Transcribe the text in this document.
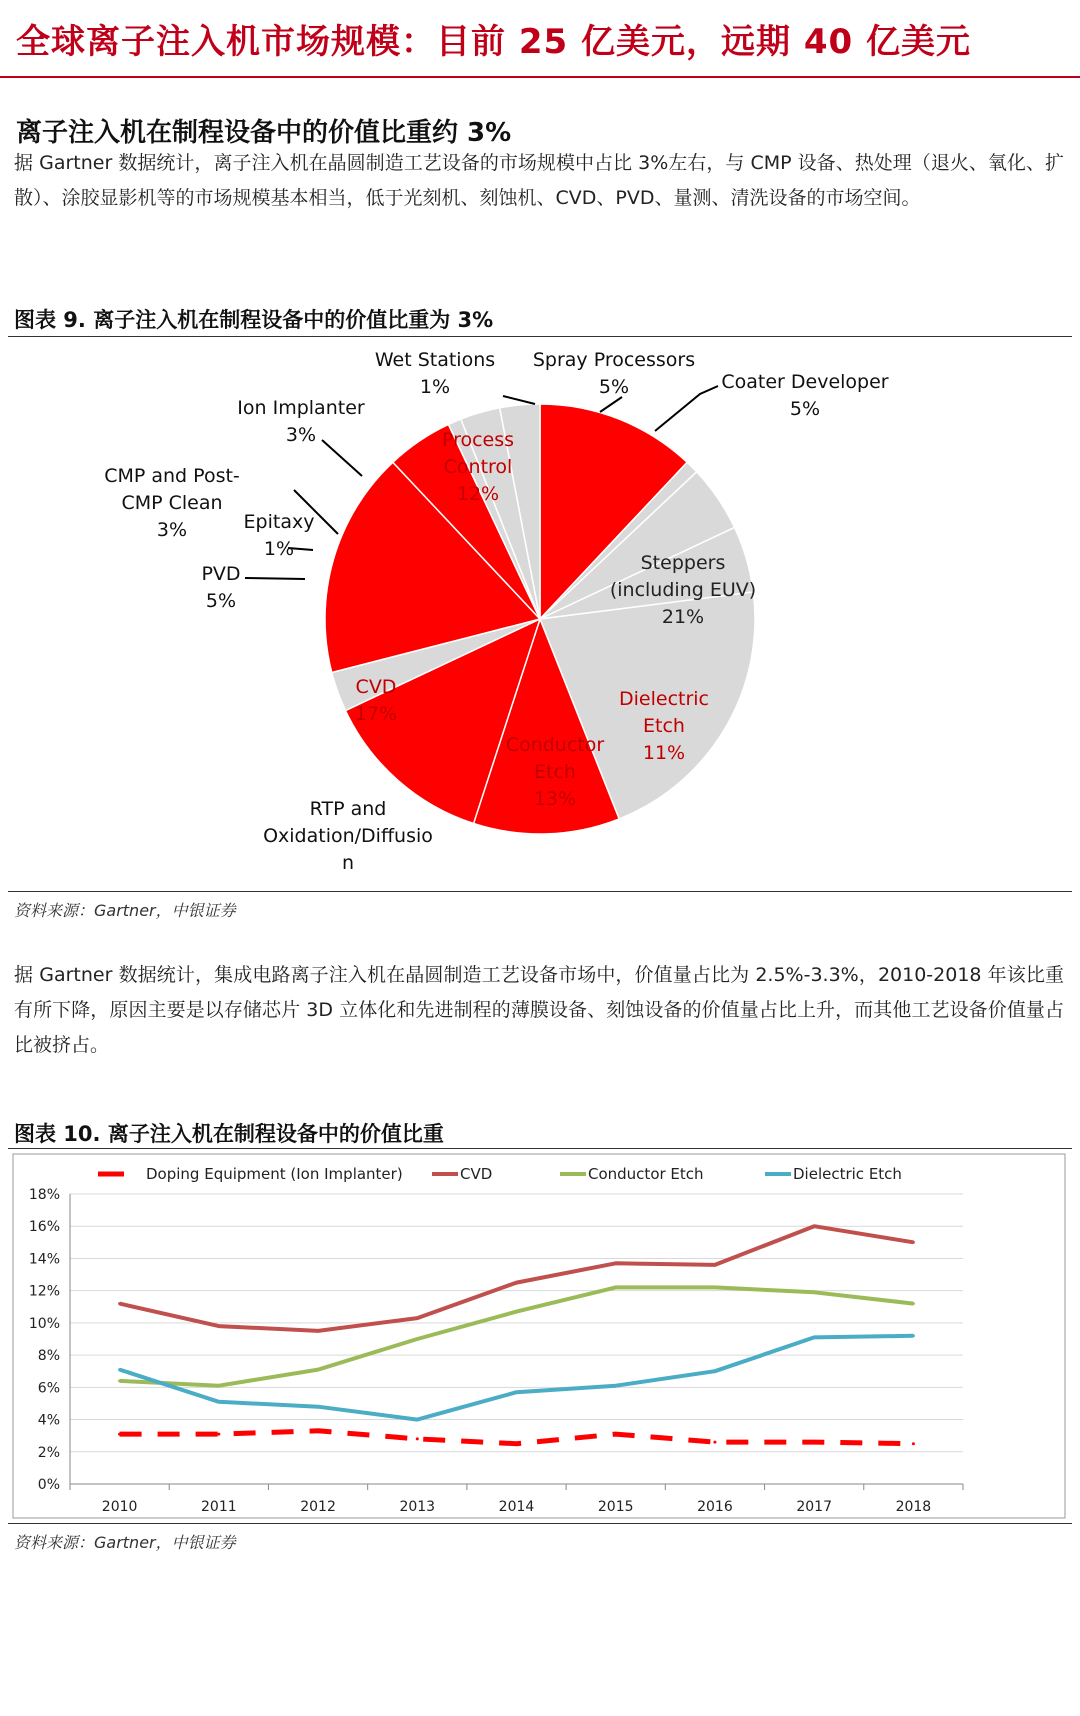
全球离子注入机市场规模：目前 25 亿美元，远期 40 亿美元
离子注入机在制程设备中的价值比重约 3%
据 Gartner 数据统计，离子注入机在晶圆制造工艺设备的市场规模中占比 3%左右，与 CMP 设备、热处理（退火、氧化、扩散）、涂胶显影机等的市场规模基本相当，低于光刻机、刻蚀机、CVD、PVD、量测、清洗设备的市场空间。
图表 9. 离子注入机在制程设备中的价值比重为 3%
Process Control 12%
Wet Stations 1%
Spray Processors 5%	Coater Developer 5%
Steppers (including EUV) 21%
Dielectric Etch 11%
Conductor Etch 13%
RTP and Oxidation/Diffusio n
CVD 17%
PVD 5%
Epitaxy 1%
CMP and Post-CMP Clean 3%
Ion Implanter 3%
资料来源：Gartner，中银证券
据 Gartner 数据统计，集成电路离子注入机在晶圆制造工艺设备市场中，价值量占比为 2.5%-3.3%，2010-2018 年该比重有所下降，原因主要是以存储芯片 3D 立体化和先进制程的薄膜设备、刻蚀设备的价值量占比上升，而其他工艺设备价值量占比被挤占。
图表 10. 离子注入机在制程设备中的价值比重
0%
2%
4%
6%
8%
10%
12%
14%
16%
18%
2010	2011	2012	2013	2014	2015	2016	2017	2018
Doping Equipment (Ion Implanter)	CVD	Conductor Etch	Dielectric Etch
资料来源：Gartner，中银证券
